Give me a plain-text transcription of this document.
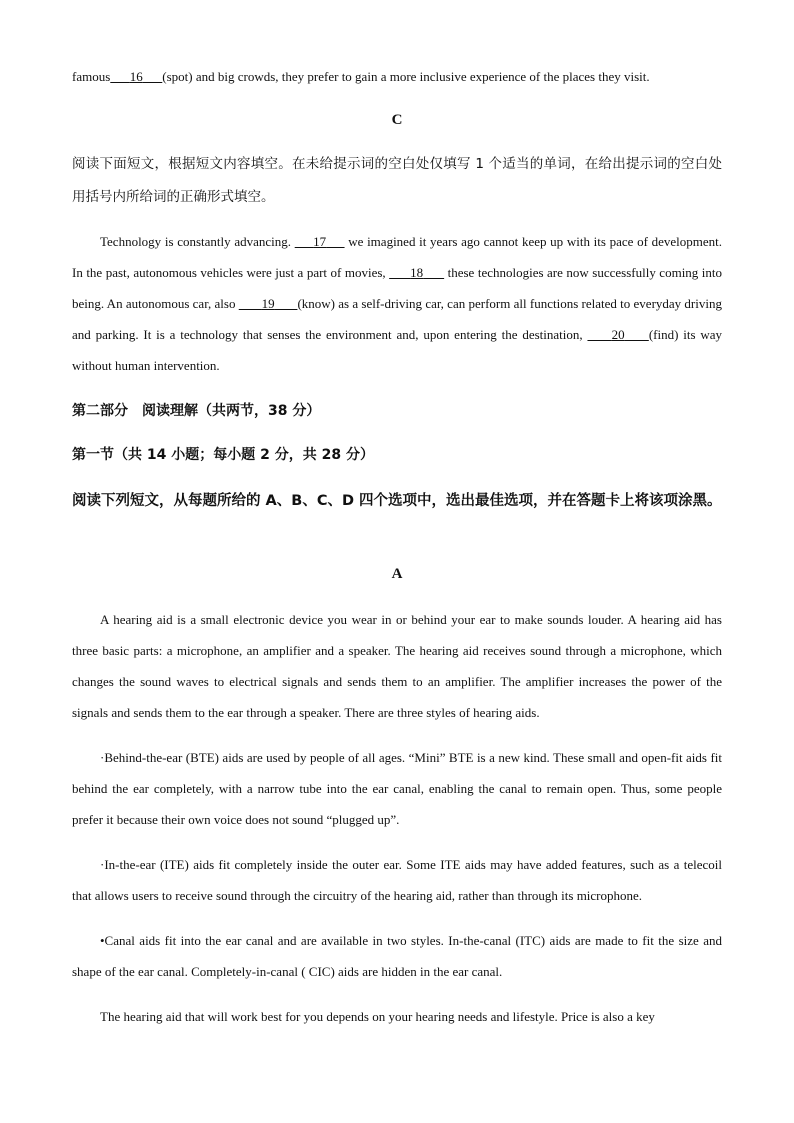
famous 16 (spot) and big crowds, they prefer to gain a more inclusive experience of the places they visit.
C
阅读下面短文，根据短文内容填空。在未给提示词的空白处仅填写 1 个适当的单词，在给出提示词的空白处用括号内所给词的正确形式填空。
Technology is constantly advancing.      17      we imagined it years ago cannot keep up with its pace of development. In the past, autonomous vehicles were just a part of movies,       18       these technologies are now successfully coming into being. An autonomous car, also        19 (know) as a self-driving car, can perform all functions related to everyday driving and parking. It is a technology that senses the environment and, upon entering the destination,      20 (find) its way without human intervention.
第二部分　阅读理解（共两节，38 分）
第一节（共 14 小题；每小题 2 分，共 28 分）
阅读下列短文，从每题所给的 A、B、C、D 四个选项中，选出最佳选项，并在答题卡上将该项涂黑。
A
A hearing aid is a small electronic device you wear in or behind your ear to make sounds louder. A hearing aid has three basic parts: a microphone, an amplifier and a speaker. The hearing aid receives sound through a microphone, which changes the sound waves to electrical signals and sends them to an amplifier. The amplifier increases the power of the signals and sends them to the ear through a speaker. There are three styles of hearing aids.
·Behind-the-ear (BTE) aids are used by people of all ages. “Mini” BTE is a new kind. These small and open-fit aids fit behind the ear completely, with a narrow tube into the ear canal, enabling the canal to remain open. Thus, some people prefer it because their own voice does not sound “plugged up”.
·In-the-ear (ITE) aids fit completely inside the outer ear. Some ITE aids may have added features, such as a telecoil that allows users to receive sound through the circuitry of the hearing aid, rather than through its microphone.
•Canal aids fit into the ear canal and are available in two styles. In-the-canal (ITC) aids are made to fit the size and shape of the ear canal. Completely-in-canal ( CIC) aids are hidden in the ear canal.
The hearing aid that will work best for you depends on your hearing needs and lifestyle. Price is also a key
